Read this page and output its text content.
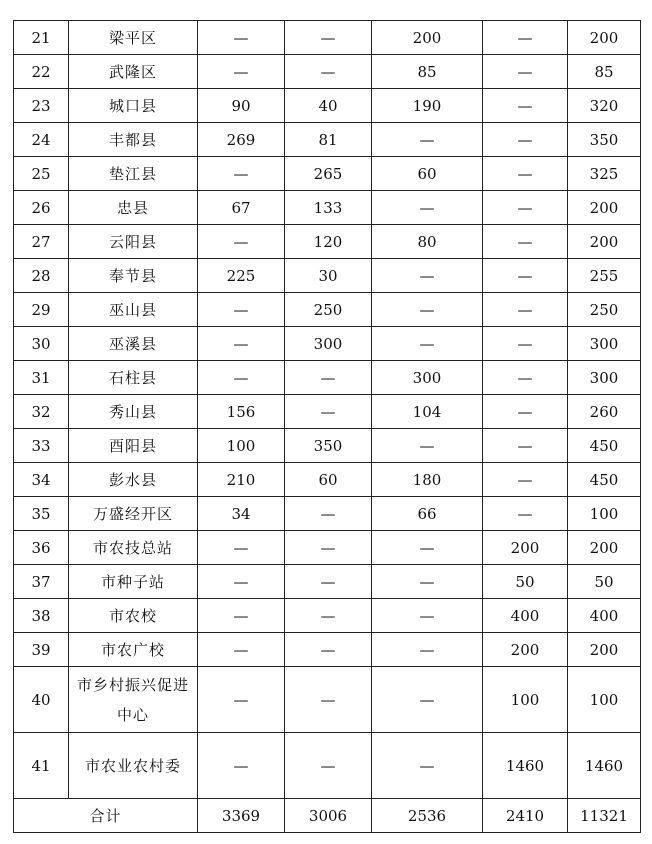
21	梁平区	—	—	200	—	200
22	武隆区	—	—	85	—	85
23	城口县	90	40	190	—	320
24	丰都县	269	81	—	—	350
25	垫江县	—	265	60	—	325
26	忠县	67	133	—	—	200
27	云阳县	—	120	80	—	200
28	奉节县	225	30	—	—	255
29	巫山县	—	250	—	—	250
30	巫溪县	—	300	—	—	300
31	石柱县	—	—	300	—	300
32	秀山县	156	—	104	—	260
33	酉阳县	100	350	—	—	450
34	彭水县	210	60	180	—	450
35	万盛经开区	34	—	66	—	100
36	市农技总站	—	—	—	200	200
37	市种子站	—	—	—	50	50
38	市农校	—	—	—	400	400
39	市农广校	—	—	—	200	200
40	市乡村振兴促进中心	—	—	—	100	100
41	市农业农村委	—	—	—	1460	1460
合计		3369	3006	2536	2410	11321
